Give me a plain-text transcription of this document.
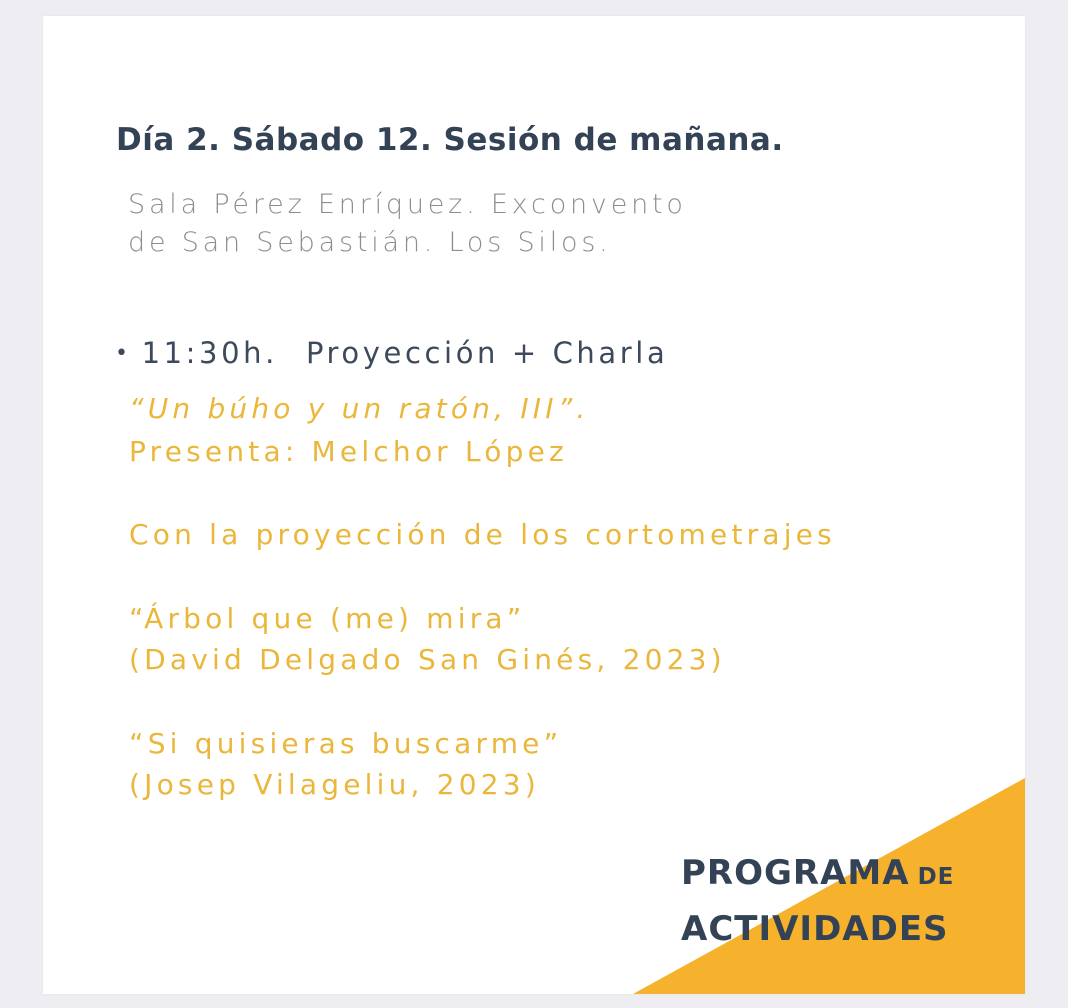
Día 2. Sábado 12. Sesión de mañana.
Sala Pérez Enríquez. Exconvento
de San Sebastián. Los Silos.
• 11:30h. Proyección + Charla
“Un búho y un ratón, III”.
Presenta: Melchor López
Con la proyección de los cortometrajes
“Árbol que (me) mira”
(David Delgado San Ginés, 2023)
“Si quisieras buscarme”
(Josep Vilageliu, 2023)
PROGRAMA DE
ACTIVIDADES
